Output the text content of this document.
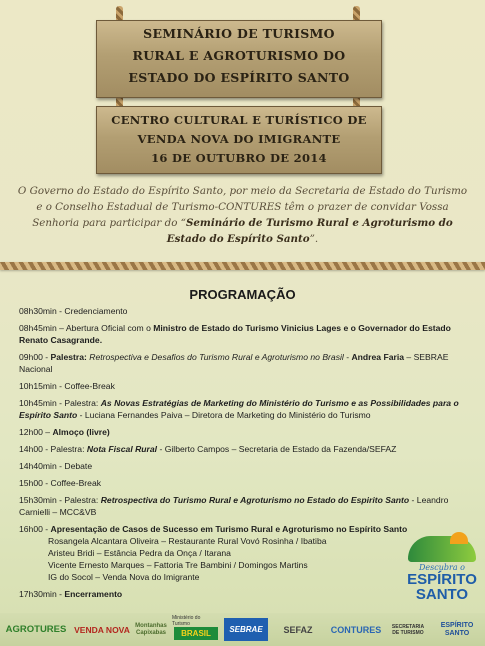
SEMINÁRIO DE TURISMO
RURAL E AGROTURISMO DO
ESTADO DO ESPÍRITO SANTO
CENTRO CULTURAL E TURÍSTICO DE
VENDA NOVA DO IMIGRANTE
16 DE OUTUBRO DE 2014
O Governo do Estado do Espírito Santo, por meio da Secretaria de Estado do Turismo e o Conselho Estadual de Turismo-CONTURES têm o prazer de convidar Vossa Senhoria para participar do “Seminário de Turismo Rural e Agroturismo do Estado do Espírito Santo”.
PROGRAMAÇÃO
08h30min - Credenciamento
08h45min – Abertura Oficial com o Ministro de Estado do Turismo Vinicius Lages e o Governador do Estado Renato Casagrande.
09h00 - Palestra: Retrospectiva e Desafios do Turismo Rural e Agroturismo no Brasil - Andrea Faria – SEBRAE Nacional
10h15min - Coffee-Break
10h45min - Palestra: As Novas Estratégias de Marketing do Ministério do Turismo e as Possibilidades para o Espírito Santo - Luciana Fernandes Paiva – Diretora de Marketing do Ministério do Turismo
12h00 – Almoço (livre)
14h00 - Palestra: Nota Fiscal Rural - Gilberto Campos – Secretaria de Estado da Fazenda/SEFAZ
14h40min - Debate
15h00 - Coffee-Break
15h30min - Palestra: Retrospectiva do Turismo Rural e Agroturismo no Estado do Espirito Santo - Leandro Carnielli – MCC&VB
16h00 - Apresentação de Casos de Sucesso em Turismo Rural e Agroturismo no Espírito Santo
Rosangela Alcantara Oliveira – Restaurante Rural Vovó Rosinha / Ibatiba
Aristeu Bridi – Estância Pedra da Onça / Itarana
Vicente Ernesto Marques – Fattoria Tre Bambini / Domingos Martins
IG do Socol – Venda Nova do Imigrante
17h30min - Encerramento
Descubra o
ESPÍRITO
SANTO
AGROTURES VENDA NOVA Montanhas Capixabas
Ministério do Turismo
BRASIL	SEBRAE	SEFAZ	CONTURES	SECRETARIA DE TURISMO
ESPÍRITO SANTO
